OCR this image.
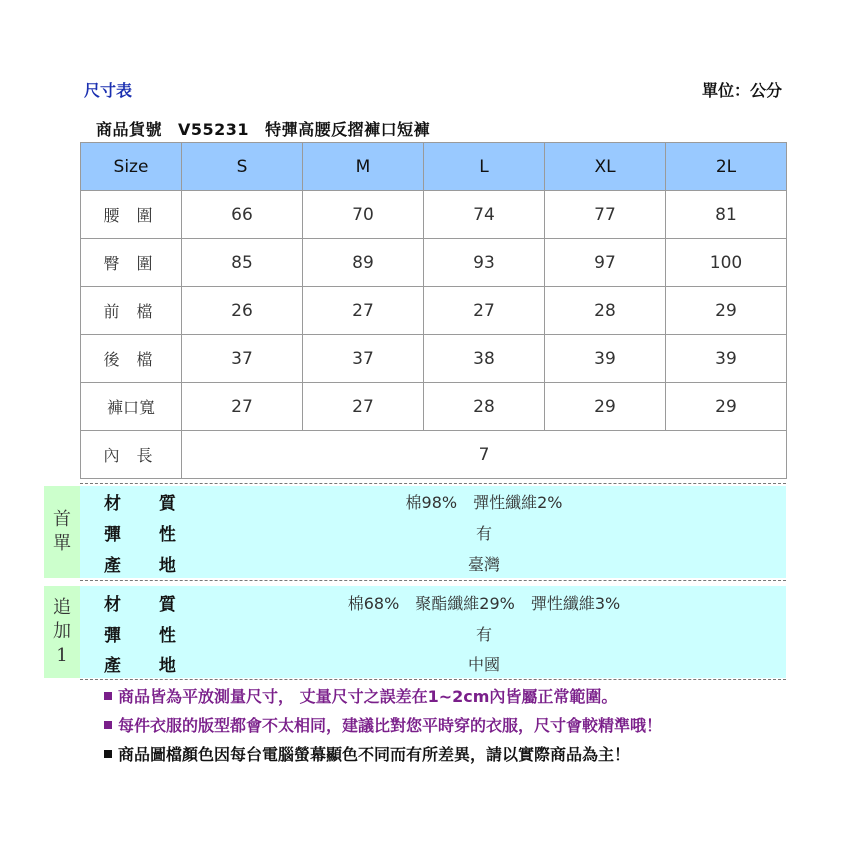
尺寸表	單位：公分
商品貨號 V55231 特彈高腰反摺褲口短褲
Size	S	M	L	XL	2L
腰 圍	66	70	74	77	81
臀 圍	85	89	93	97	100
前 檔	26	27	27	28	29
後 檔	37	37	38	39	39
褲口寬	27	27	28	29	29
內 長	7				
首
單
材 質	棉98% 彈性纖維2%
彈 性	有
產 地	臺灣
追
加
1
材 質	棉68% 聚酯纖維29% 彈性纖維3%
彈 性	有
產 地	中國
商品皆為平放測量尺寸， 丈量尺寸之誤差在1~2cm內皆屬正常範圍。
每件衣服的版型都會不太相同，建議比對您平時穿的衣服，尺寸會較精準哦！
商品圖檔顏色因每台電腦螢幕顯色不同而有所差異，請以實際商品為主！
